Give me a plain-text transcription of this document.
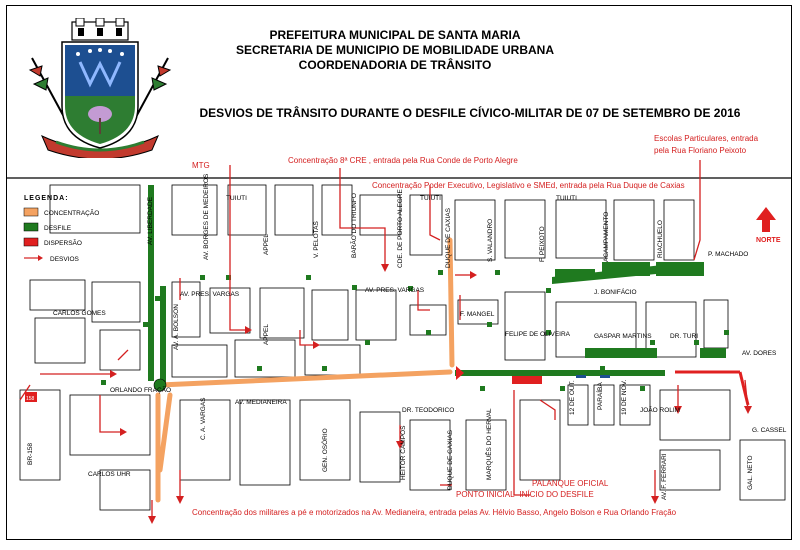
PREFEITURA MUNICIPAL DE SANTA MARIA
SECRETARIA DE MUNICIPIO DE MOBILIDADE URBANA
COORDENADORIA DE TRÂNSITO
DESVIOS DE TRÂNSITO DURANTE O DESFILE CÍVICO-MILITAR DE 07 DE SETEMBRO DE 2016
NORTE
158
LEGENDA:
CONCENTRAÇÃO
DESFILE
DISPERSÃO
DESVIOS
MTG
Concentração 8ª CRE , entrada pela Rua Conde de Porto Alegre
Escolas Particulares, entrada
pela Rua Floriano Peixoto
Concentração Poder Executivo, Legislativo e SMEd, entrada pela Rua Duque de Caxias
PALANQUE OFICIAL
PONTO INICIAL- INÍCIO DO DESFILE
Concentração dos militares a pé e motorizados na Av. Medianeira, entrada pelas Av. Hélvio Basso, Angelo Bolson e Rua Orlando Fração
TUIUTI	TUIUTI	TUIUTI
AV. LIBERDADE	AV. BORGES DE MEDEIROS	APPEL
APPEL
V. PELOTAS	BARÃO DO TRIUNFO	CDE. DE PORTO ALEGRE	DUQUE DE CAXIAS
DUQUE DE CAXIAS
S. VALANDRO	F. PEIXOTO	ACAMPAMENTO	RIACHUELO	P. MACHADO
J. BONIFÁCIO
AV. PRES. VARGAS
AV. PRES. VARGAS
F. MANGEL
FELIPE DE OLIVEIRA	GASPAR MARTINS	DR. TURI
AV. DORES
CARLOS GOMES	AV. A. BOLSON
ORLANDO FRAÇÃO
AV. MEDIANEIRA
C. A. VARGAS
GEN. OSÓRIO	HEITOR CAMPOS
DR. TEODORICO	MARQUÊS DO HERVAL
12 DE OUT.	PARAÍBA	19 DE NOV. JOÃO ROLIM
AV. F. FERRARI	GAL. NETO
G. CASSEL
CARLOS UHR
BR-158
